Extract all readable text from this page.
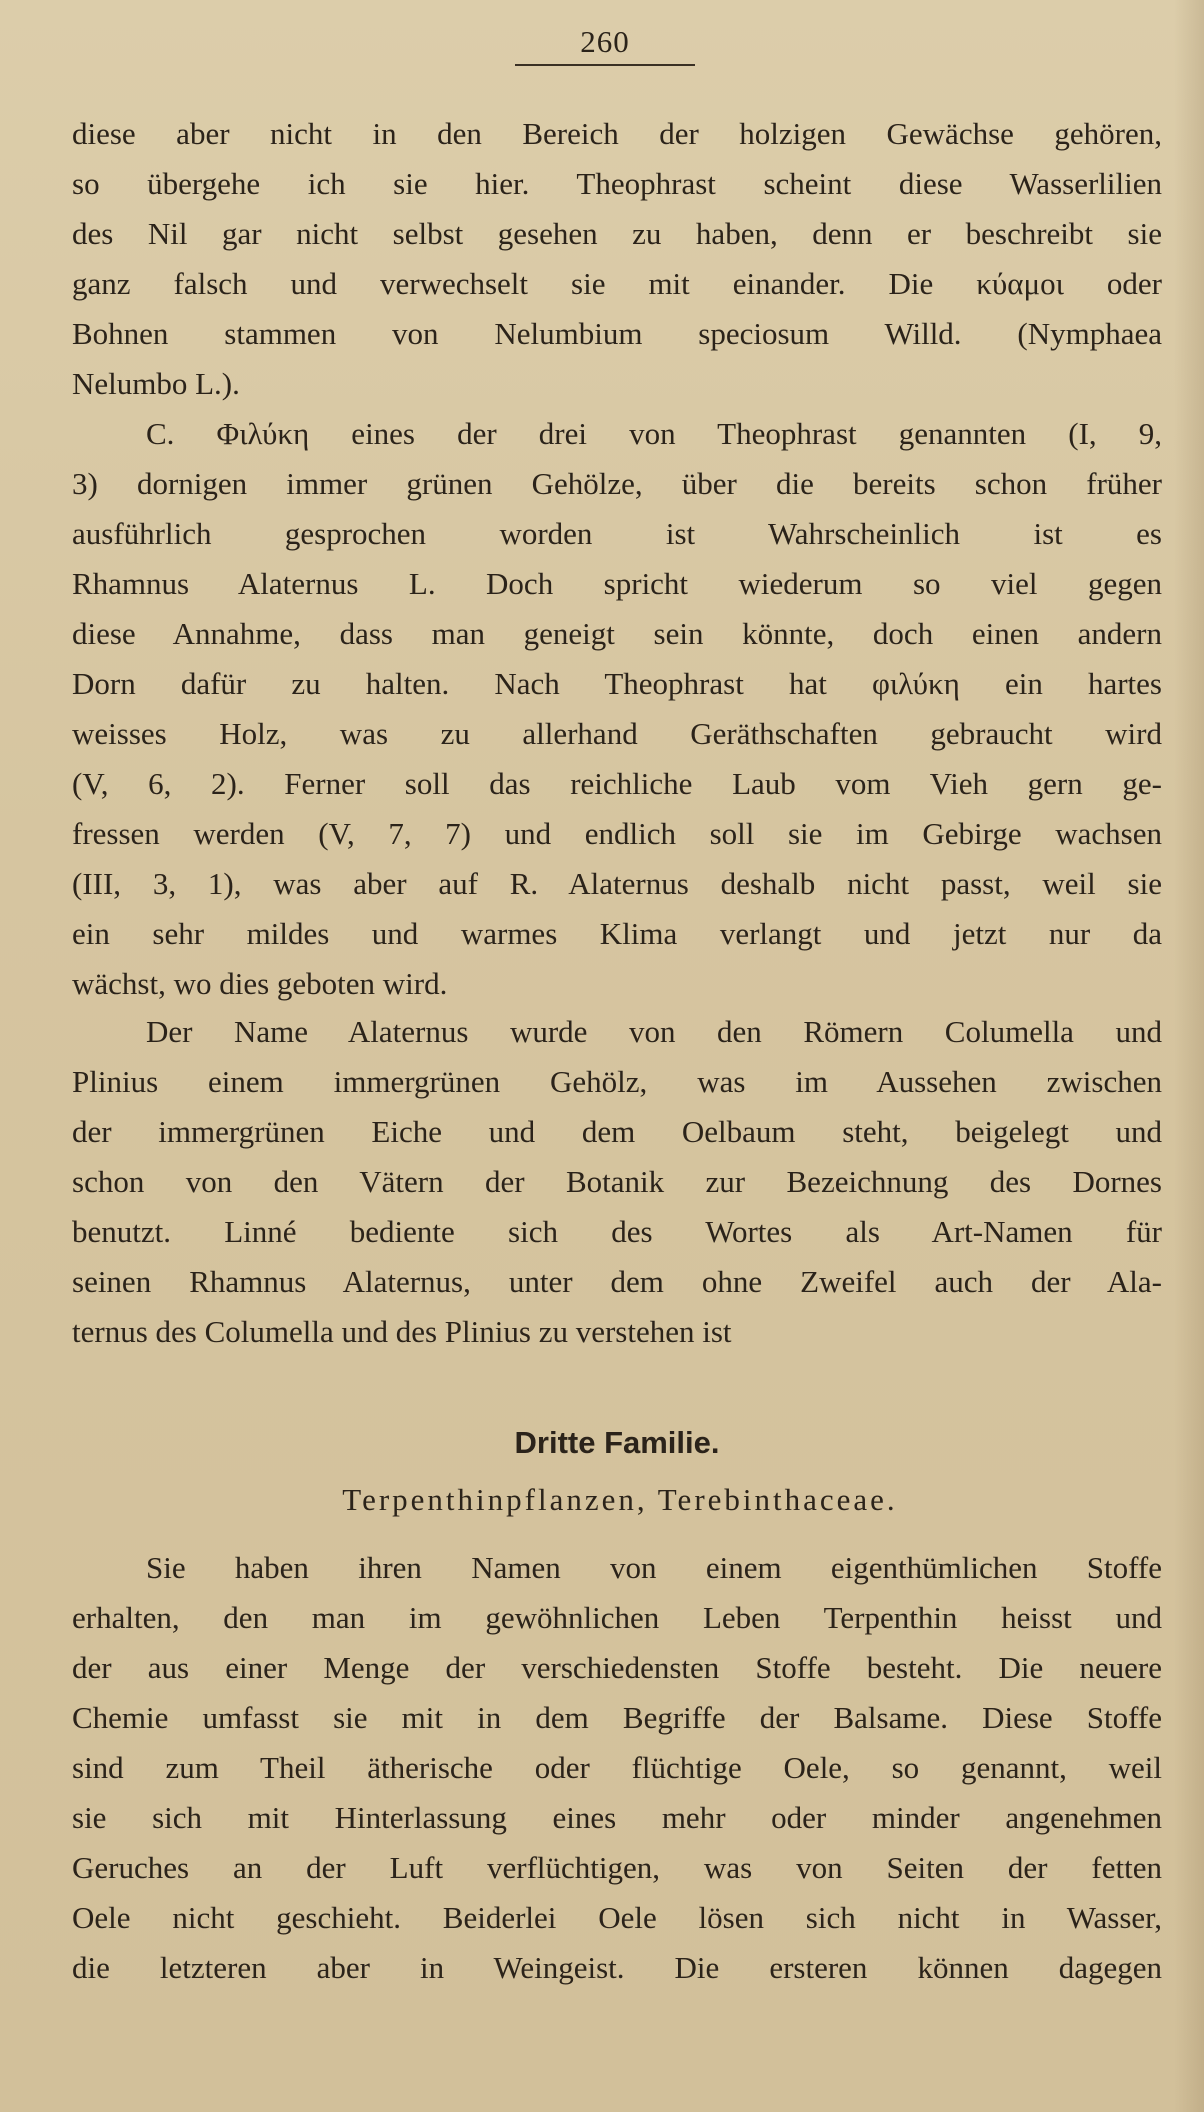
260
diese aber nicht in den Bereich der holzigen Gewächse gehören,
so übergehe ich sie hier. Theophrast scheint diese Wasserlilien
des Nil gar nicht selbst gesehen zu haben, denn er beschreibt sie
ganz falsch und verwechselt sie mit einander. Die κύαμοι oder
Bohnen stammen von Nelumbium speciosum Willd. (Nymphaea
Nelumbo L.).
C. Φιλύκη eines der drei von Theophrast genannten (I, 9,
3) dornigen immer grünen Gehölze, über die bereits schon früher
ausführlich gesprochen worden ist Wahrscheinlich ist es
Rhamnus Alaternus L. Doch spricht wiederum so viel gegen
diese Annahme, dass man geneigt sein könnte, doch einen andern
Dorn dafür zu halten. Nach Theophrast hat φιλύκη ein hartes
weisses Holz, was zu allerhand Geräthschaften gebraucht wird
(V, 6, 2). Ferner soll das reichliche Laub vom Vieh gern ge-
fressen werden (V, 7, 7) und endlich soll sie im Gebirge wachsen
(III, 3, 1), was aber auf R. Alaternus deshalb nicht passt, weil sie
ein sehr mildes und warmes Klima verlangt und jetzt nur da
wächst, wo dies geboten wird.
Der Name Alaternus wurde von den Römern Columella und
Plinius einem immergrünen Gehölz, was im Aussehen zwischen
der immergrünen Eiche und dem Oelbaum steht, beigelegt und
schon von den Vätern der Botanik zur Bezeichnung des Dornes
benutzt. Linné bediente sich des Wortes als Art-Namen für
seinen Rhamnus Alaternus, unter dem ohne Zweifel auch der Ala-
ternus des Columella und des Plinius zu verstehen ist
Dritte Familie.
Terpenthinpflanzen, Terebinthaceae.
Sie haben ihren Namen von einem eigenthümlichen Stoffe
erhalten, den man im gewöhnlichen Leben Terpenthin heisst und
der aus einer Menge der verschiedensten Stoffe besteht. Die neuere
Chemie umfasst sie mit in dem Begriffe der Balsame. Diese Stoffe
sind zum Theil ätherische oder flüchtige Oele, so genannt, weil
sie sich mit Hinterlassung eines mehr oder minder angenehmen
Geruches an der Luft verflüchtigen, was von Seiten der fetten
Oele nicht geschieht. Beiderlei Oele lösen sich nicht in Wasser,
die letzteren aber in Weingeist. Die ersteren können dagegen
